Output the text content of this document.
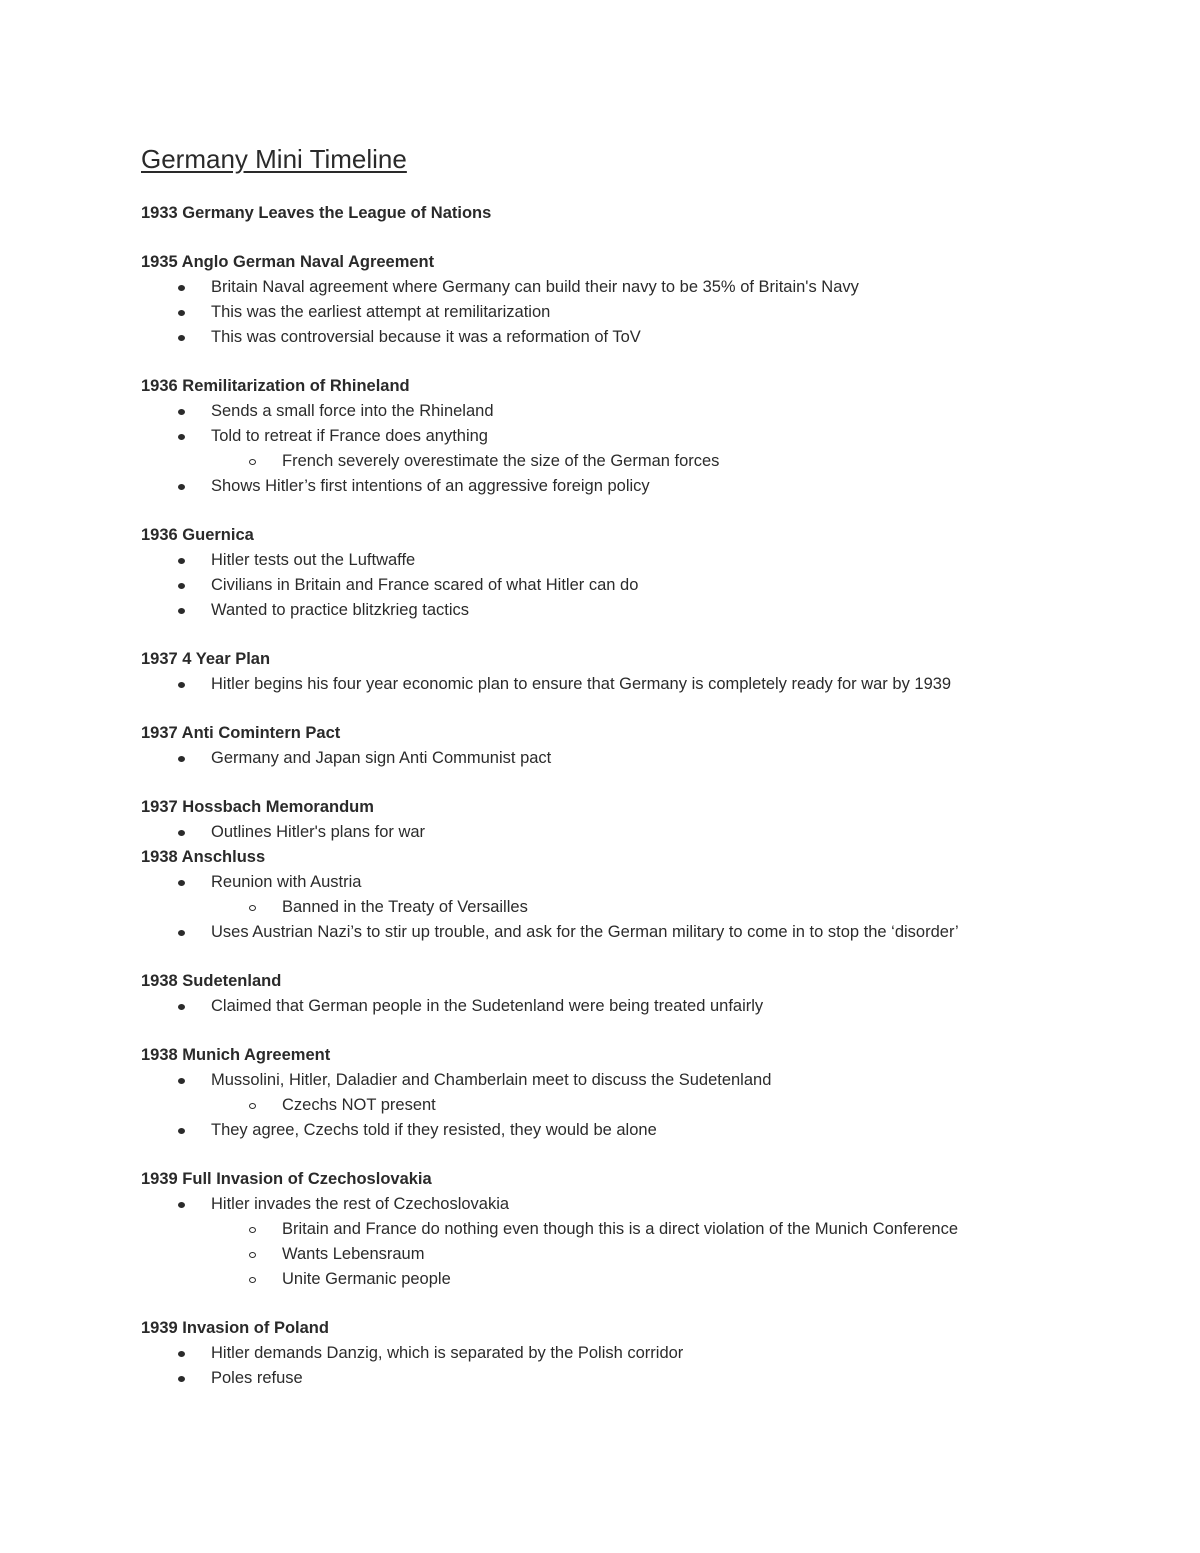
Germany Mini Timeline
1933 Germany Leaves the League of Nations
1935 Anglo German Naval Agreement
Britain Naval agreement where Germany can build their navy to be 35% of Britain's Navy
This was the earliest attempt at remilitarization
This was controversial because it was a reformation of ToV
1936 Remilitarization of Rhineland
Sends a small force into the Rhineland
Told to retreat if France does anything
French severely overestimate the size of the German forces
Shows Hitler’s first intentions of an aggressive foreign policy
1936 Guernica
Hitler tests out the Luftwaffe
Civilians in Britain and France scared of what Hitler can do
Wanted to practice blitzkrieg tactics
1937 4 Year Plan
Hitler begins his four year economic plan to ensure that Germany is completely ready for war by 1939
1937 Anti Comintern Pact
Germany and Japan sign Anti Communist pact
1937 Hossbach Memorandum
Outlines Hitler's plans for war
1938 Anschluss
Reunion with Austria
Banned in the Treaty of Versailles
Uses Austrian Nazi’s to stir up trouble, and ask for the German military to come in to stop the ‘disorder’
1938 Sudetenland
Claimed that German people in the Sudetenland were being treated unfairly
1938 Munich Agreement
Mussolini, Hitler, Daladier and Chamberlain meet to discuss the Sudetenland
Czechs NOT present
They agree, Czechs told if they resisted, they would be alone
1939 Full Invasion of Czechoslovakia
Hitler invades the rest of Czechoslovakia
Britain and France do nothing even though this is a direct violation of the Munich Conference
Wants Lebensraum
Unite Germanic people
1939 Invasion of Poland
Hitler demands Danzig, which is separated by the Polish corridor
Poles refuse
